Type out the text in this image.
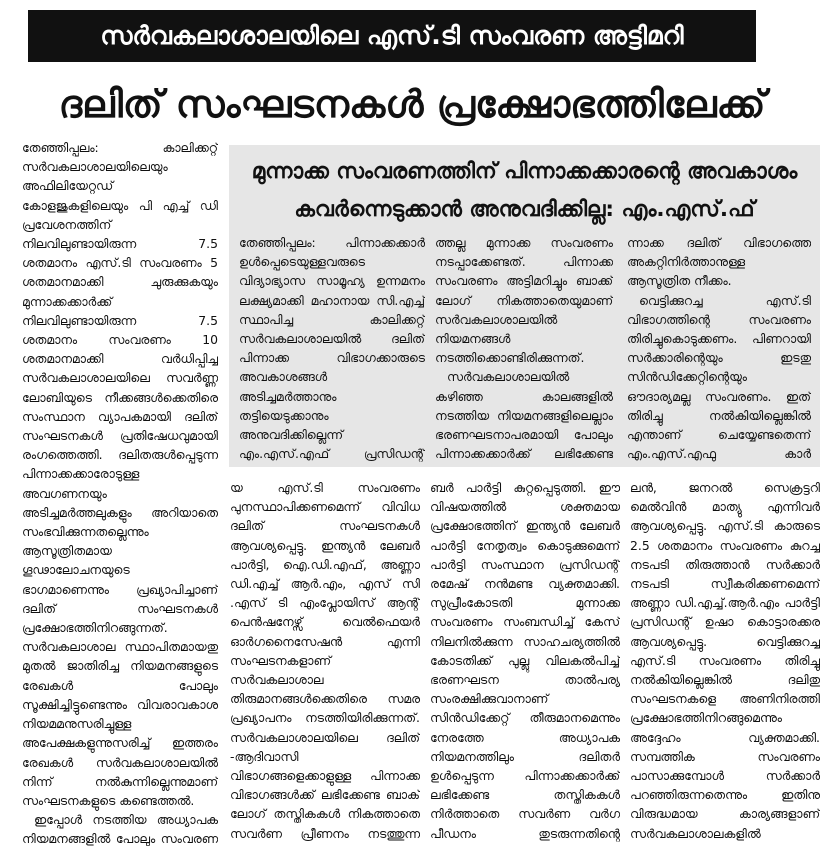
സർവകലാശാലയിലെ എസ്.ടി സംവരണ അട്ടിമറി
ദലിത് സംഘടനകൾ പ്രക്ഷോഭത്തിലേക്ക്

തേഞ്ഞിപ്പലം: കാലിക്കറ്റ് സർവകലാശാലയിലെയും അഫിലിയേറ്റഡ് കോളജുകളിലെയും പി എച്ച് ഡി പ്രവേശനത്തിന് നിലവിലുണ്ടായിരുന്ന 7.5 ശതമാനം എസ്.ടി സംവരണം 5 ശതമാനമാക്കി ചുരുക്കുകയും മുന്നാക്കക്കാർക്ക് നിലവിലുണ്ടായിരുന്ന 7.5 ശതമാനം സംവരണം 10 ശതമാനമാക്കി വർധിപ്പിച്ച സർവകലാശാലയിലെ സവർണ്ണ ലോബിയുടെ നീക്കങ്ങൾക്കെതിരെ സംസ്ഥാന വ്യാപകമായി ദലിത് സംഘടനകൾ പ്രതിഷേധവുമായി രംഗത്തെത്തി. ദലിതരുൾപ്പെടുന്ന പിന്നാക്കക്കാരോടുള്ള അവഗണനയും അടിച്ചമർത്തലുകളും അറിയാതെ സംഭവിക്കുന്നതല്ലെന്നും ആസൂത്രിതമായ ഗൂഢാലോചനയുടെ ഭാഗമാണെന്നും പ്രഖ്യാപിച്ചാണ് ദലിത് സംഘടനകൾ പ്രക്ഷോഭത്തിനിറങ്ങുന്നത്. സർവകലാശാല സ്ഥാപിതമായതു മുതൽ ജാതിരിച്ച നിയമനങ്ങളുടെ രേഖകൾ പോലും സൂക്ഷിച്ചിട്ടുണ്ടെന്നും വിവരാവകാശ നിയമമനുസരിച്ചുള്ള അപേക്ഷകളുന്നുസരിച്ച് ഇത്തരം രേഖകൾ സർവകലാശാലയിൽ നിന്ന് നൽകുന്നില്ലെന്നുമാണ് സംഘടനകളുടെ കണ്ടെത്തൽ.

ഇപ്പോൾ നടത്തിയ അധ്യാപക നിയമനങ്ങളിൽ പോലും സംവരണ

മുന്നാക്ക സംവരണത്തിന് പിന്നാക്കക്കാരന്റെ അവകാശം
കവർന്നെടുക്കാൻ അനുവദിക്കില്ല: എം.എസ്.ഫ്

തേഞ്ഞിപ്പലം: പിന്നാക്കക്കാർ ഉൾപ്പെടെയുള്ളവരുടെ വിദ്യാഭ്യാസ സാമൂഹ്യ ഉന്നമനം ലക്ഷ്യമാക്കി മഹാനായ സി.എച്ച് സ്ഥാപിച്ച കാലിക്കറ്റ് സർവകലാശാലയിൽ ദലിത് പിന്നാക്ക വിഭാഗക്കാരുടെ അവകാശങ്ങൾ അടിച്ചമർത്താനും തട്ടിയെടുക്കാനും അനുവദിക്കില്ലെന്ന് എം.എസ്.എഫ് പ്രസിഡന്റ്

ത്തല്ല മുന്നാക്ക സംവരണം നടപ്പാക്കേണ്ടത്. പിന്നാക്ക സംവരണം അട്ടിമറിച്ചും ബാക്ക് ലോഗ് നികത്താതെയുമാണ് സർവകലാശാലയിൽ നിയമനങ്ങൾ നടത്തിക്കൊണ്ടിരിക്കുന്നത്.

സർവകലാശാലയിൽ കഴിഞ്ഞ കാലങ്ങളിൽ നടത്തിയ നിയമനങ്ങളിലെല്ലാം ഭരണഘടനാപരമായി പോലും പിന്നാക്കക്കാർക്ക് ലഭിക്കേണ്ട

ന്നാക്ക ദലിത് വിഭാഗത്തെ അകറ്റിനിർത്താനുള്ള ആസൂത്രിത നീക്കം.

വെട്ടിക്കുറച്ച എസ്.ടി വിഭാഗത്തിന്റെ സംവരണം തിരിച്ചുകൊടുക്കണം. പിണറായി സർക്കാരിന്റെയും ഇടതു സിൻഡിക്കേറ്റിന്റെയും ഔദാര്യമല്ല സംവരണം. ഇത് തിരിച്ചു നൽകിയില്ലെങ്കിൽ എന്താണ് ചെയ്യേണ്ടതെന്ന് എം.എസ്.എഫു കാർ

യ എസ്.ടി സംവരണം പുനസ്ഥാപിക്കണമെന്ന് വിവിധ ദലിത് സംഘടനകൾ ആവശ്യപ്പെട്ടു. ഇന്ത്യൻ ലേബർ പാർട്ടി, ഐ.ഡി.എഫ്, അണ്ണാ ഡി.എച്ച് ആർ.എം, എസ് സി .എസ് ടി എംപ്ലോയിസ് ആന്റ് പെൻഷനേഴ്സ് വെൽഫെയർ ഓർഗനൈസേഷൻ എന്നി സംഘടനകളാണ് സർവകലാശാല തിരുമാനങ്ങൾക്കെതിരെ സമര പ്രഖ്യാപനം നടത്തിയിരിക്കുന്നത്. സർവകലാശാലയിലെ ദലിത് -ആദിവാസി വിഭാഗങ്ങളെക്കാളുള്ള പിന്നാക്ക വിഭാഗങ്ങൾക്ക് ലഭിക്കേണ്ട ബാക് ലോഗ് തസ്തികകൾ നികത്താതെ സവർണ പ്രീണനം നടത്തുന്ന

ബർ പാർട്ടി കുറ്റപ്പെടുത്തി. ഈ വിഷയത്തിൽ ശക്തമായ പ്രക്ഷോഭത്തിന് ഇന്ത്യൻ ലേബർ പാർട്ടി നേതൃത്വം കൊടുക്കുമെന്ന് പാർട്ടി സംസ്ഥാന പ്രസിഡന്റ് രമേഷ് നൻമണ്ട വ്യക്തമാക്കി. സുപ്രീംകോടതി മുന്നാക്ക സംവരണം സംബന്ധിച്ച് കേസ് നിലനിൽക്കുന്ന സാഹചര്യത്തിൽ കോടതിക്ക് പുല്ലു വിലകൽപിച്ച് ഭരണഘടന താൽപര്യ സംരക്ഷിക്കുവാനാണ് സിൻഡിക്കേറ്റ് തീരുമാനമെന്നും നേരത്തേ അധ്യാപക നിയമനത്തിലും ദലിതർ ഉൾപ്പെടുന്ന പിന്നാക്കക്കാർക്ക് ലഭിക്കേണ്ട തസ്തികകൾ നിർത്താതെ സവർണ വർഗ പീഡനം തുടരുന്നതിന്റെ

ലൻ, ജനറൽ സെക്രട്ടറി മെൽവിൻ മാത്യു എന്നിവർ ആവശ്യപ്പെട്ടു. എസ്.ടി കാരുടെ 2.5 ശതമാനം സംവരണം കുറച്ച നടപടി തിരുത്താൻ സർക്കാർ നടപടി സ്വീകരിക്കണമെന്ന് അണ്ണാ ഡി.എച്ച്.ആർ.എം പാർട്ടി പ്രസിഡന്റ് ഉഷാ കൊട്ടാരക്കര ആവശ്യപ്പെട്ടു. വെട്ടിക്കുറച്ച എസ്.ടി സംവരണം തിരിച്ചു നൽകിയില്ലെങ്കിൽ ദലിതു സംഘടനകളെ അണിനിരത്തി പ്രക്ഷോഭത്തിനിറങ്ങുമെന്നും അദ്ദേഹം വ്യക്തമാക്കി. സമ്പത്തിക സംവരണം പാസാക്കുമ്പോൾ സർക്കാർ പറഞ്ഞിരുന്നതെന്നും ഇതിനു വിരുദ്ധമായ കാര്യങ്ങളാണ് സർവകലാശാലകളിൽ
